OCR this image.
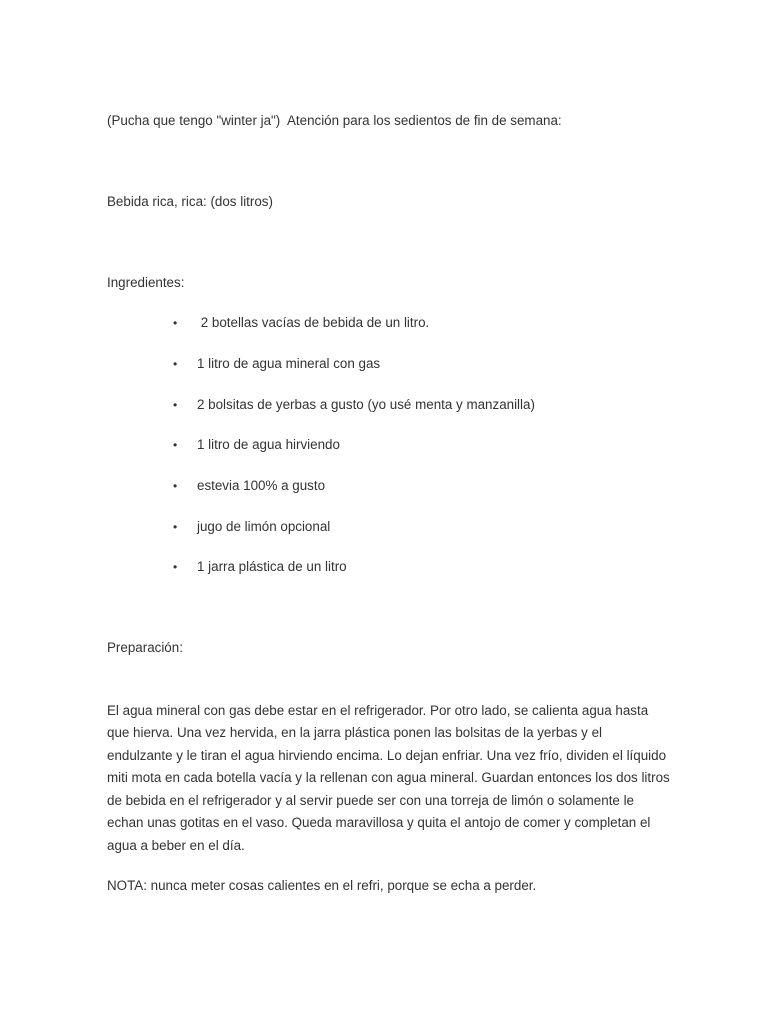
(Pucha que tengo "winter ja")  Atención para los sedientos de fin de semana:
Bebida rica, rica: (dos litros)
Ingredientes:
•	2 botellas vacías de bebida de un litro.
•	1 litro de agua mineral con gas
•	2 bolsitas de yerbas a gusto (yo usé menta y manzanilla)
•	1 litro de agua hirviendo
•	estevia 100% a gusto
•	jugo de limón opcional
•	1 jarra plástica de un litro
Preparación:
El agua mineral con gas debe estar en el refrigerador. Por otro lado, se calienta agua hasta
que hierva. Una vez hervida, en la jarra plástica ponen las bolsitas de la yerbas y el
endulzante y le tiran el agua hirviendo encima. Lo dejan enfriar. Una vez frío, dividen el líquido
miti mota en cada botella vacía y la rellenan con agua mineral. Guardan entonces los dos litros
de bebida en el refrigerador y al servir puede ser con una torreja de limón o solamente le
echan unas gotitas en el vaso. Queda maravillosa y quita el antojo de comer y completan el
agua a beber en el día.
NOTA: nunca meter cosas calientes en el refri, porque se echa a perder.
